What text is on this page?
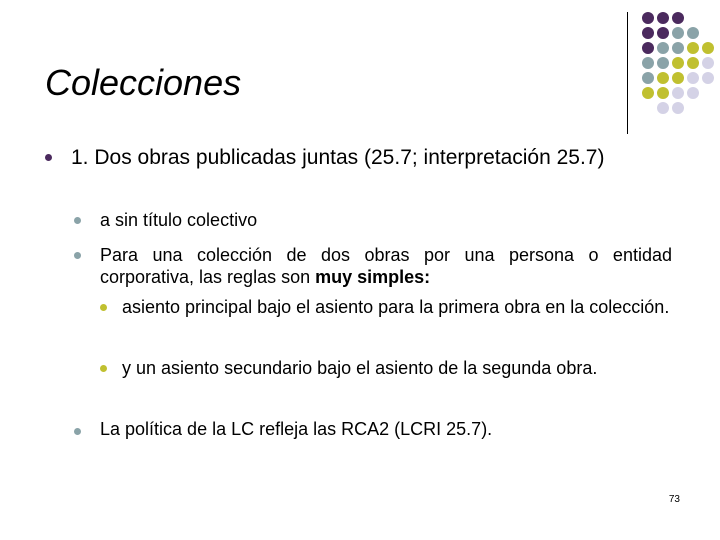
Colecciones
1. Dos obras publicadas juntas (25.7; interpretación 25.7)
a sin título colectivo
Para una colección de dos obras por una persona o entidad corporativa, las reglas son muy simples:
asiento principal bajo el asiento para la primera obra en la colección.
y un asiento secundario bajo el asiento de la segunda obra.
La política de la LC refleja las RCA2 (LCRI 25.7).
73
